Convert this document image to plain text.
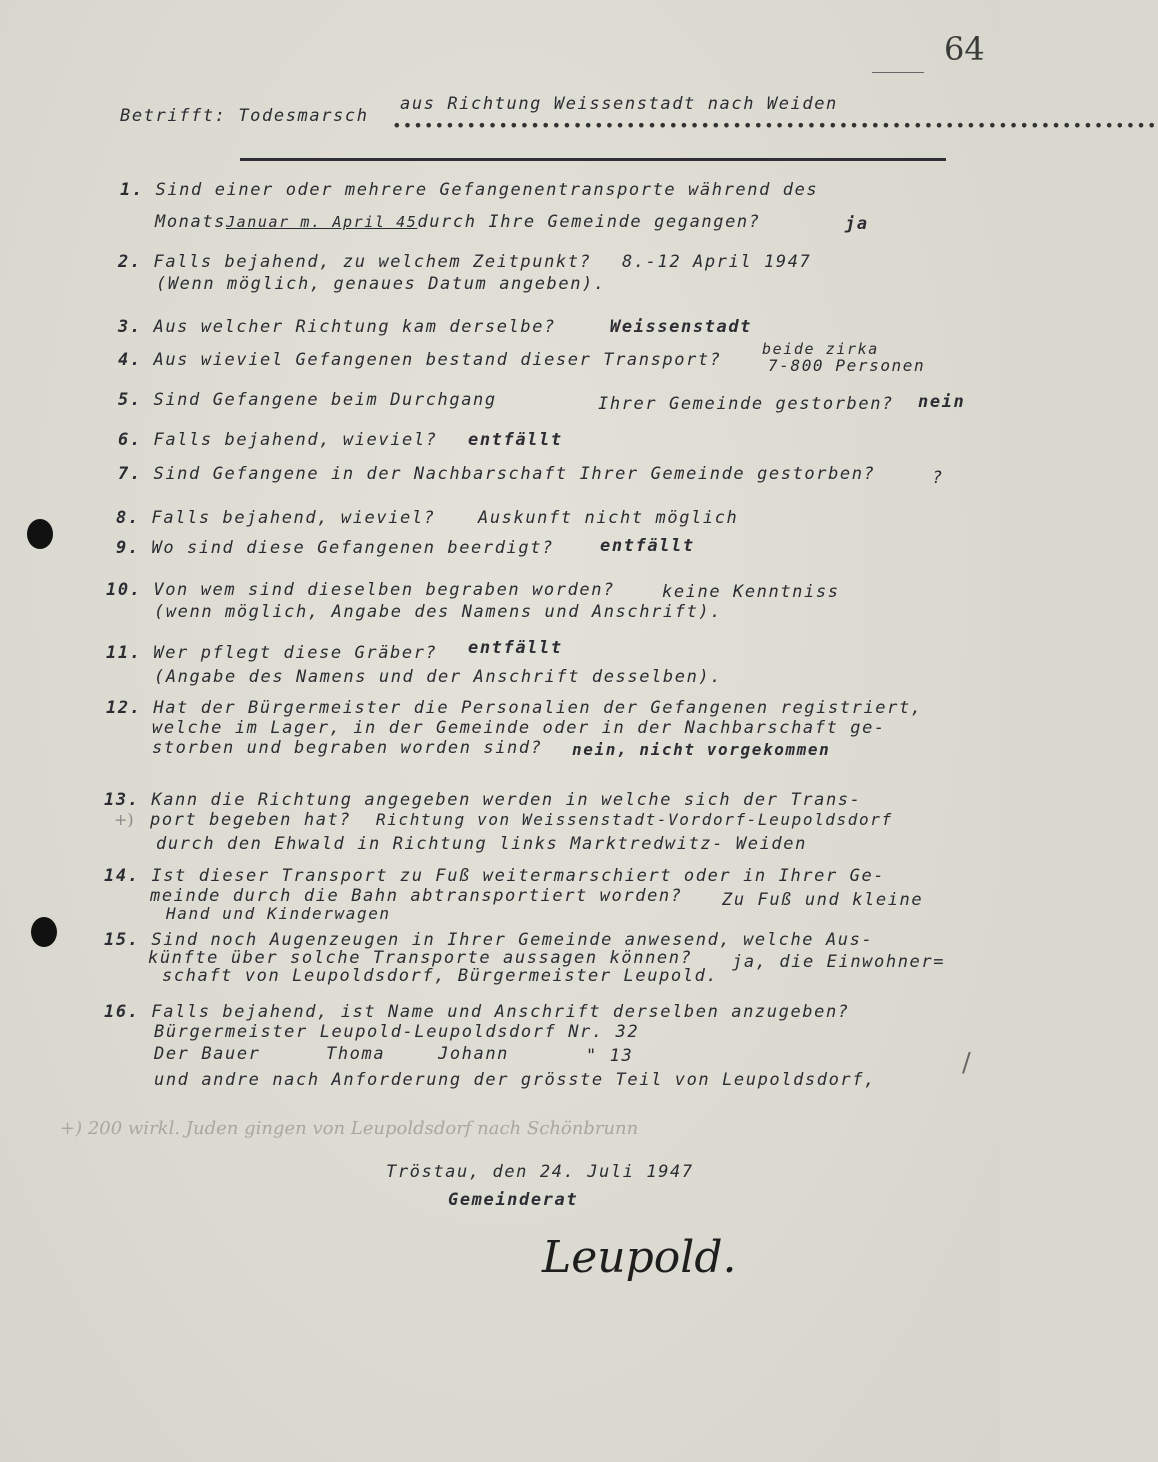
64
Betrifft: Todesmarsch
aus Richtung Weissenstadt nach Weiden
••••••••••••••••••••••••••••••••••••••••••••••••••••••••••••••••••••••••
1. Sind einer oder mehrere Gefangenentransporte während des
MonatsJanuar m. April 45durch Ihre Gemeinde gegangen?	ja
2. Falls bejahend, zu welchem Zeitpunkt? 8.-12 April 1947
(Wenn möglich, genaues Datum angeben).
3. Aus welcher Richtung kam derselbe?	Weissenstadt
4. Aus wieviel Gefangenen bestand dieser Transport?
beide zirka
7-800 Personen
5. Sind Gefangene beim Durchgang	Ihrer Gemeinde gestorben? nein
6. Falls bejahend, wieviel? entfällt
7. Sind Gefangene in der Nachbarschaft Ihrer Gemeinde gestorben?	?
8. Falls bejahend, wieviel? Auskunft nicht möglich
9. Wo sind diese Gefangenen beerdigt?	entfällt
10. Von wem sind dieselben begraben worden?	keine Kenntniss
(wenn möglich, Angabe des Namens und Anschrift).
11. Wer pflegt diese Gräber? entfällt
(Angabe des Namens und der Anschrift desselben).
12. Hat der Bürgermeister die Personalien der Gefangenen registriert,
welche im Lager, in der Gemeinde oder in der Nachbarschaft ge-
storben und begraben worden sind? nein, nicht vorgekommen
13. Kann die Richtung angegeben werden in welche sich der Trans-
+) port begeben hat? Richtung von Weissenstadt-Vordorf-Leupoldsdorf
durch den Ehwald in Richtung links Marktredwitz- Weiden
14. Ist dieser Transport zu Fuß weitermarschiert oder in Ihrer Ge-
meinde durch die Bahn abtransportiert worden? Zu Fuß und kleine
Hand und Kinderwagen
15. Sind noch Augenzeugen in Ihrer Gemeinde anwesend, welche Aus-
künfte über solche Transporte aussagen können? ja, die Einwohner=
schaft von Leupoldsdorf, Bürgermeister Leupold.
16. Falls bejahend, ist Name und Anschrift derselben anzugeben?
Bürgermeister Leupold-Leupoldsdorf Nr. 32
Der Bauer	Thoma	Johann	" 13
und andre nach Anforderung der grösste Teil von Leupoldsdorf,
/
+) 200 wirkl. Juden gingen von Leupoldsdorf nach Schönbrunn
Tröstau, den 24. Juli 1947
Gemeinderat
Leupold.
